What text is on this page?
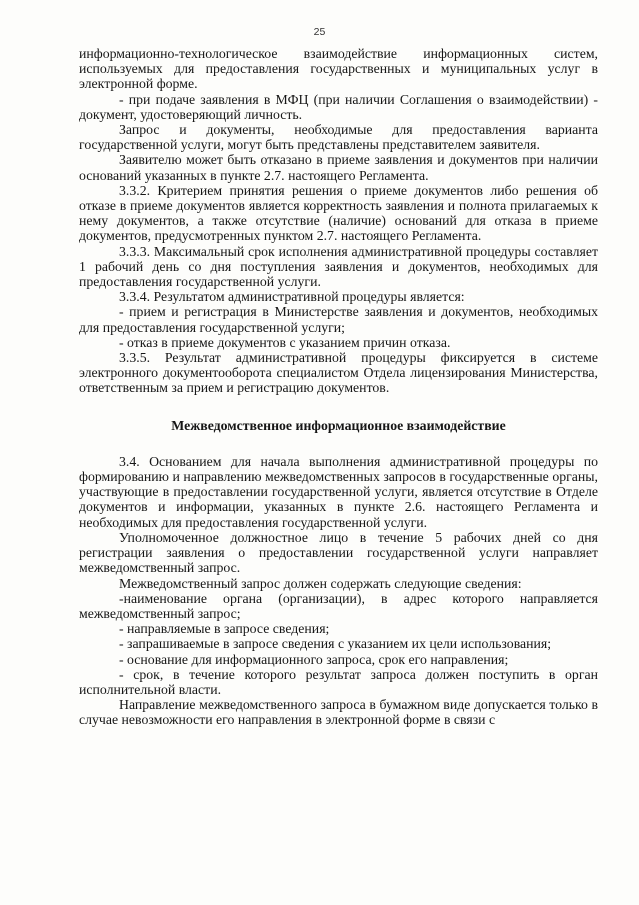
25

информационно-технологическое взаимодействие информационных систем, используемых для предоставления государственных и муниципальных услуг в электронной форме.

- при подаче заявления в МФЦ (при наличии Соглашения о взаимодействии) - документ, удостоверяющий личность.

Запрос и документы, необходимые для предоставления варианта государственной услуги, могут быть представлены представителем заявителя.

Заявителю может быть отказано в приеме заявления и документов при наличии оснований указанных в пункте 2.7. настоящего Регламента.

3.3.2. Критерием принятия решения о приеме документов либо решения об отказе в приеме документов является корректность заявления и полнота прилагаемых к нему документов, а также отсутствие (наличие) оснований для отказа в приеме документов, предусмотренных пунктом 2.7. настоящего Регламента.

3.3.3. Максимальный срок исполнения административной процедуры составляет 1 рабочий день со дня поступления заявления и документов, необходимых для предоставления государственной услуги.

3.3.4. Результатом административной процедуры является:

- прием и регистрация в Министерстве заявления и документов, необходимых для предоставления государственной услуги;

- отказ в приеме документов с указанием причин отказа.

3.3.5. Результат административной процедуры фиксируется в системе электронного документооборота специалистом Отдела лицензирования Министерства, ответственным за прием и регистрацию документов.

Межведомственное информационное взаимодействие

3.4. Основанием для начала выполнения административной процедуры по формированию и направлению межведомственных запросов в государственные органы, участвующие в предоставлении государственной услуги, является отсутствие в Отделе документов и информации, указанных в пункте 2.6. настоящего Регламента и необходимых для предоставления государственной услуги.

Уполномоченное должностное лицо в течение 5 рабочих дней со дня регистрации заявления о предоставлении государственной услуги направляет межведомственный запрос.

Межведомственный запрос должен содержать следующие сведения:

-наименование органа (организации), в адрес которого направляется межведомственный запрос;

- направляемые в запросе сведения;

- запрашиваемые в запросе сведения с указанием их цели использования;

- основание для информационного запроса, срок его направления;

- срок, в течение которого результат запроса должен поступить в орган исполнительной власти.

Направление межведомственного запроса в бумажном виде допускается только в случае невозможности его направления в электронной форме в связи с
